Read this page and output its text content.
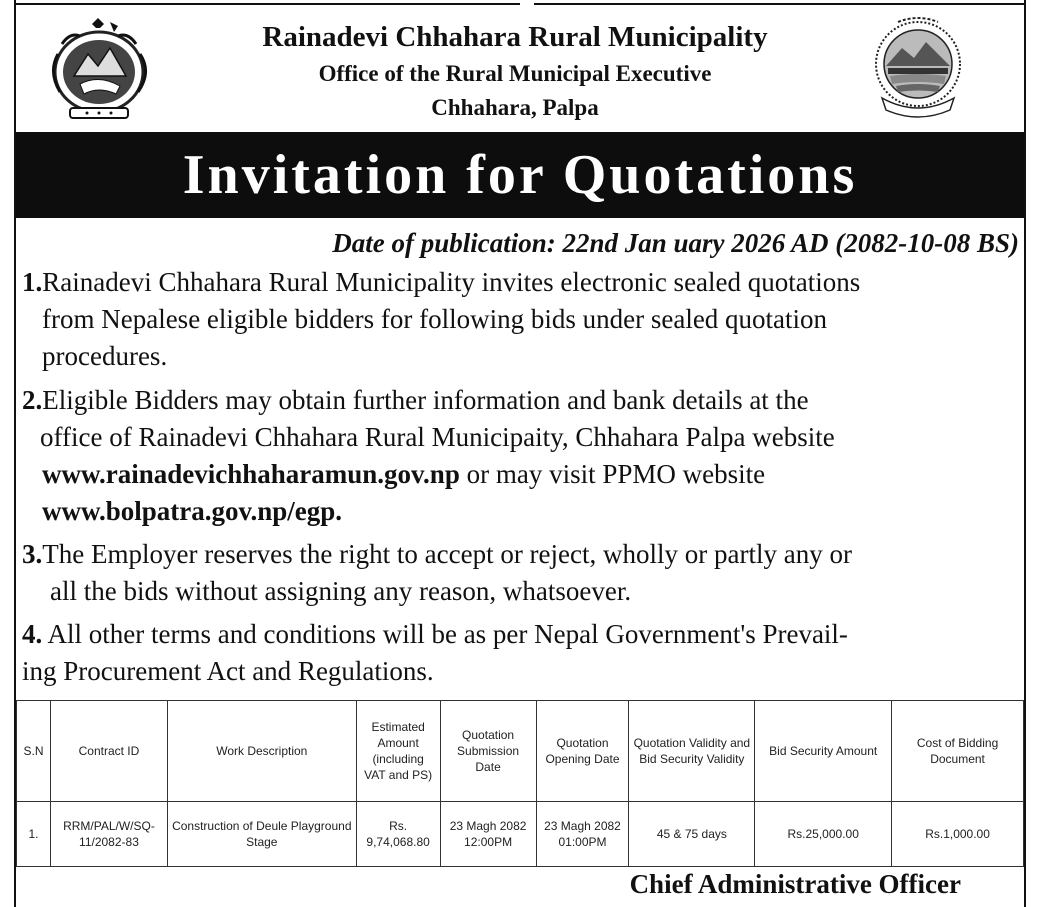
Rainadevi Chhahara Rural Municipality
Office of the Rural Municipal Executive
Chhahara, Palpa
Invitation for Quotations
Date of publication: 22nd Jan uary 2026 AD (2082-10-08 BS)
1.Rainadevi Chhahara Rural Municipality invites electronic sealed quotations
from Nepalese eligible bidders for following bids under sealed quotation
procedures.
2.Eligible Bidders may obtain further information and bank details at the
office of Rainadevi Chhahara Rural Municipaity, Chhahara Palpa website
www.rainadevichhaharamun.gov.np or may visit PPMO website
www.bolpatra.gov.np/egp.
3.The Employer reserves the right to accept or reject, wholly or partly any or
all the bids without assigning any reason, whatsoever.
4. All other terms and conditions will be as per Nepal Government's Prevail-
ing Procurement Act and Regulations.
S.N	Contract ID	Work Description	Estimated Amount (including VAT and PS)	Quotation Submission Date	Quotation Opening Date	Quotation Validity and Bid Security Validity	Bid Security Amount	Cost of Bidding Document
1.	RRM/PAL/W/SQ-11/2082-83	Construction of Deule Playground Stage	Rs. 9,74,068.80	23 Magh 2082 12:00PM	23 Magh 2082 01:00PM	45 & 75 days	Rs.25,000.00	Rs.1,000.00
Chief Administrative Officer
